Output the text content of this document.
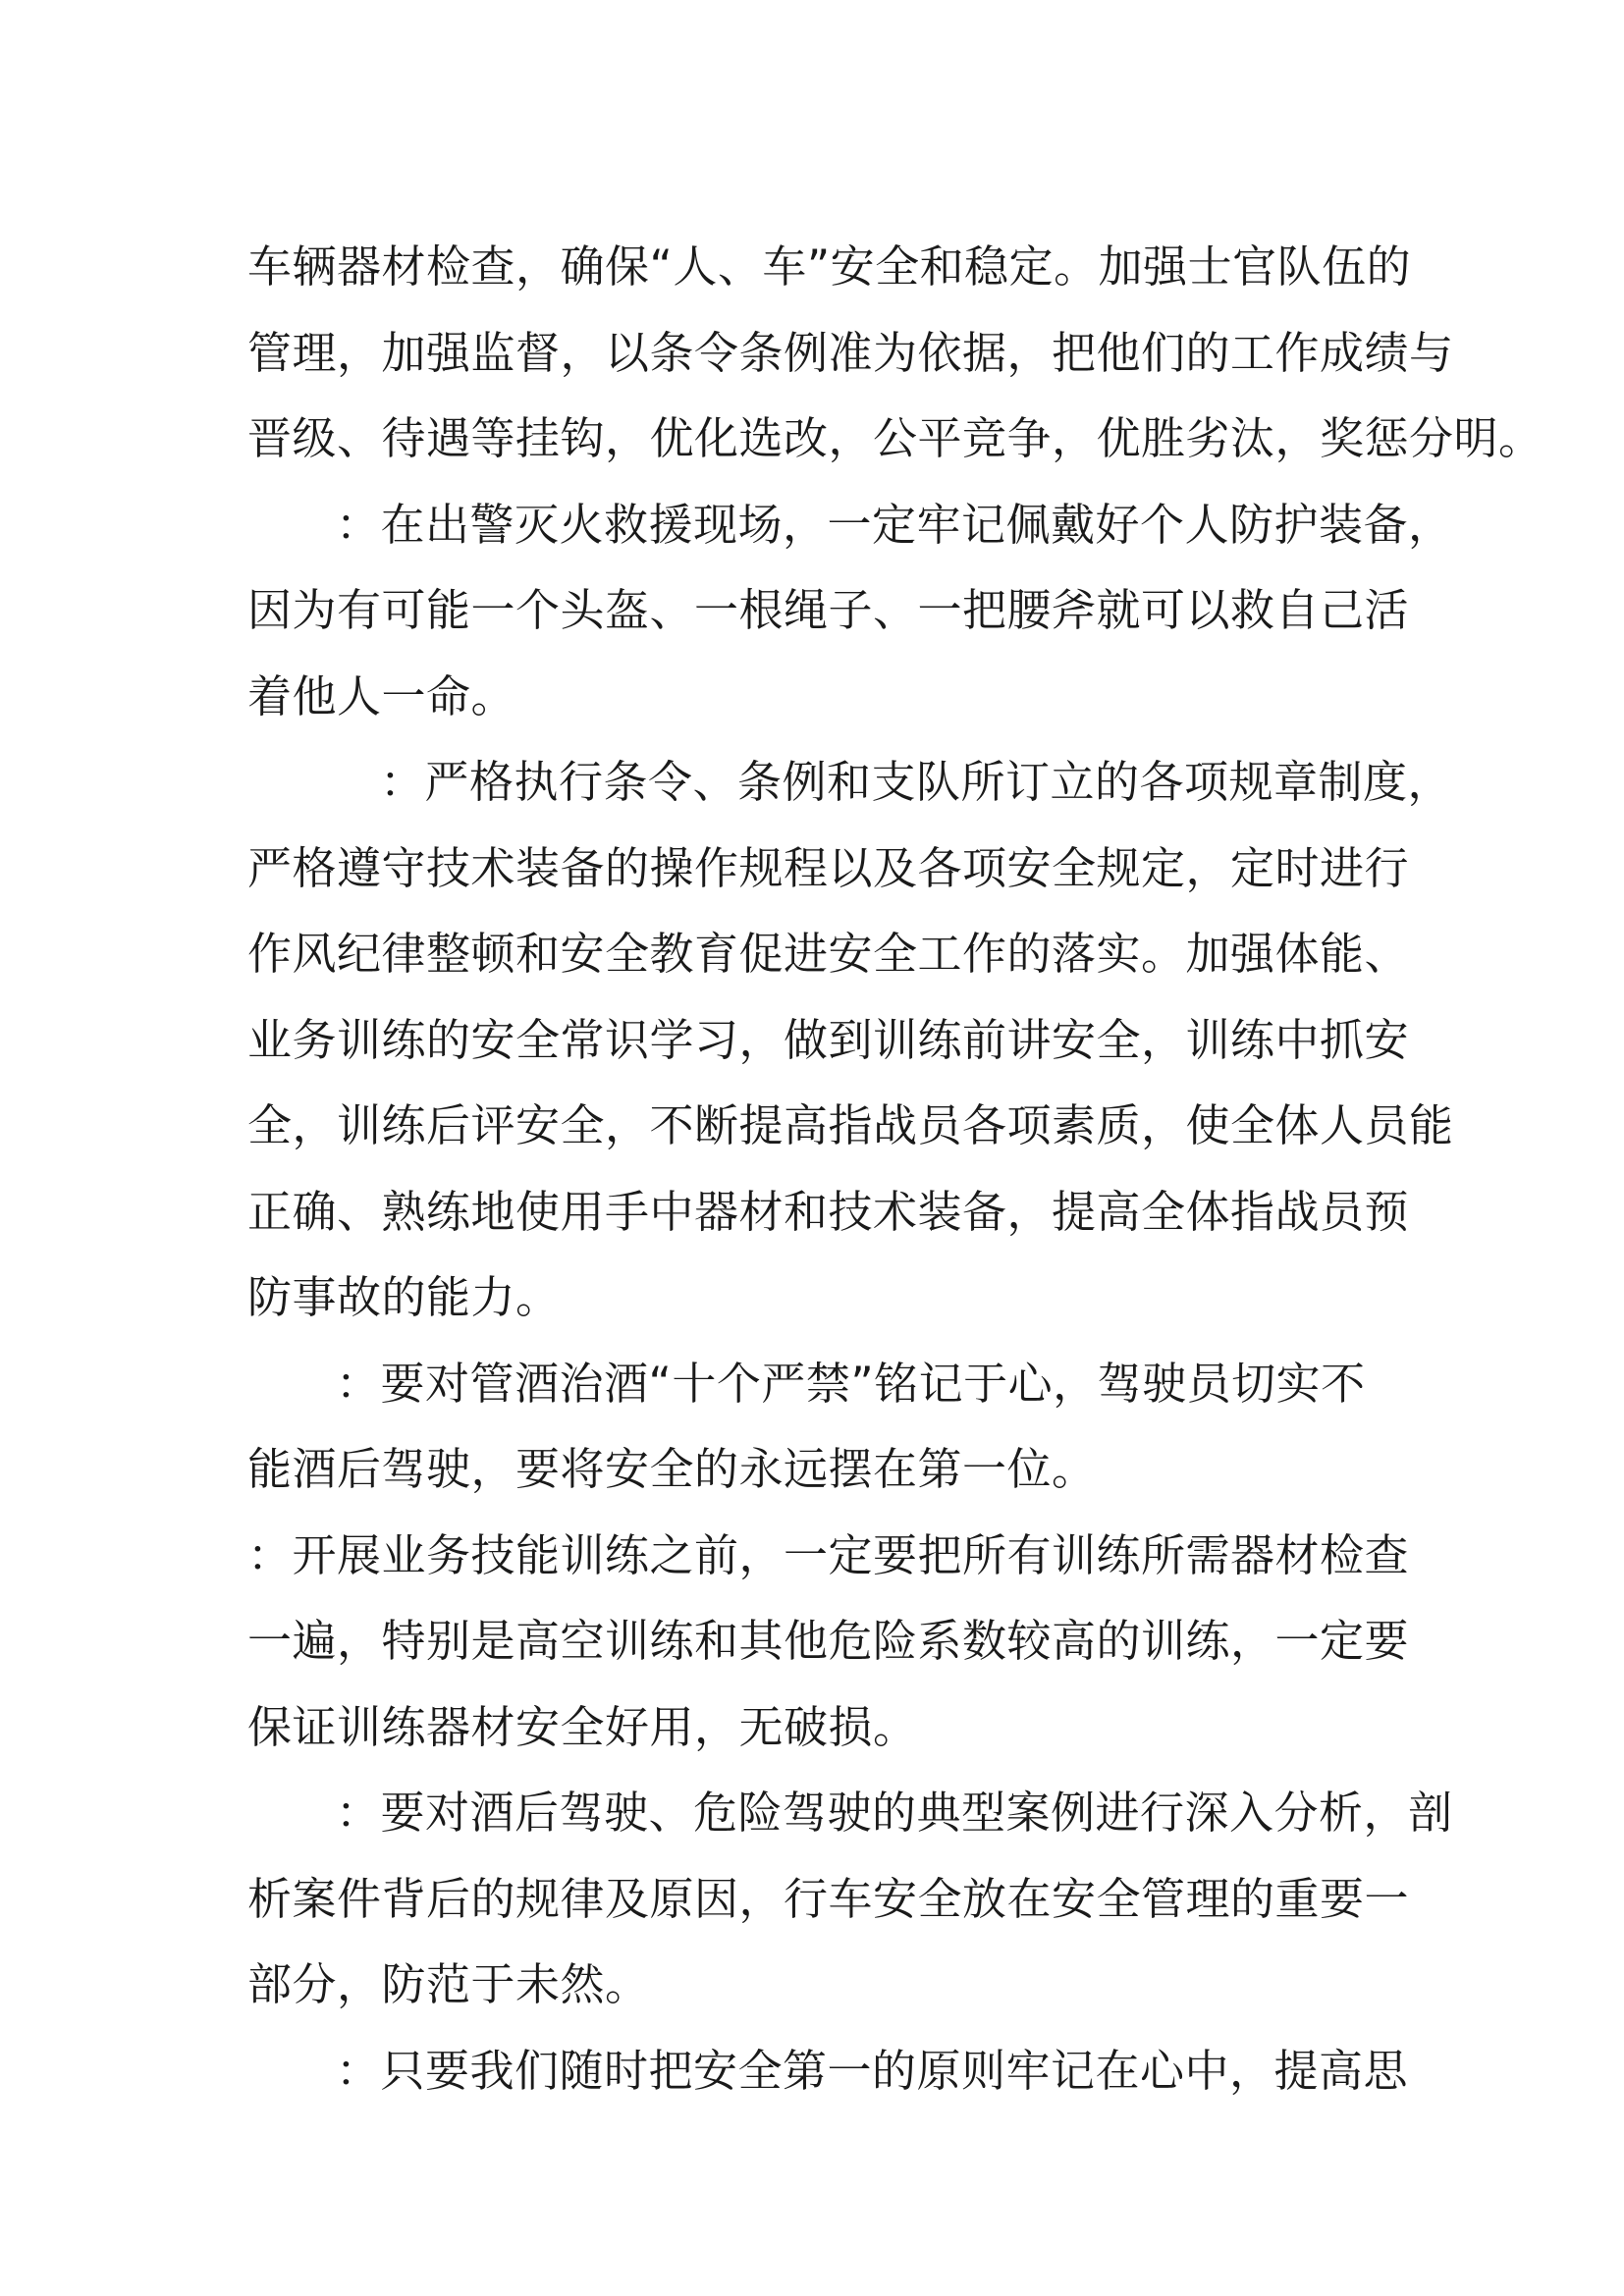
车辆器材检查，确保“人、车”安全和稳定。加强士官队伍的
管理，加强监督，以条令条例准为依据，把他们的工作成绩与
晋级、待遇等挂钩，优化选改，公平竞争，优胜劣汰，奖惩分明。
：在出警灭火救援现场，一定牢记佩戴好个人防护装备，
因为有可能一个头盔、一根绳子、一把腰斧就可以救自己活
着他人一命。
：严格执行条令、条例和支队所订立的各项规章制度，
严格遵守技术装备的操作规程以及各项安全规定，定时进行
作风纪律整顿和安全教育促进安全工作的落实。加强体能、
业务训练的安全常识学习，做到训练前讲安全，训练中抓安
全，训练后评安全，不断提高指战员各项素质，使全体人员能
正确、熟练地使用手中器材和技术装备，提高全体指战员预
防事故的能力。
：要对管酒治酒“十个严禁”铭记于心，驾驶员切实不
能酒后驾驶，要将安全的永远摆在第一位。
：开展业务技能训练之前，一定要把所有训练所需器材检查
一遍，特别是高空训练和其他危险系数较高的训练，一定要
保证训练器材安全好用，无破损。
：要对酒后驾驶、危险驾驶的典型案例进行深入分析，剖
析案件背后的规律及原因，行车安全放在安全管理的重要一
部分，防范于未然。
：只要我们随时把安全第一的原则牢记在心中，提高思
